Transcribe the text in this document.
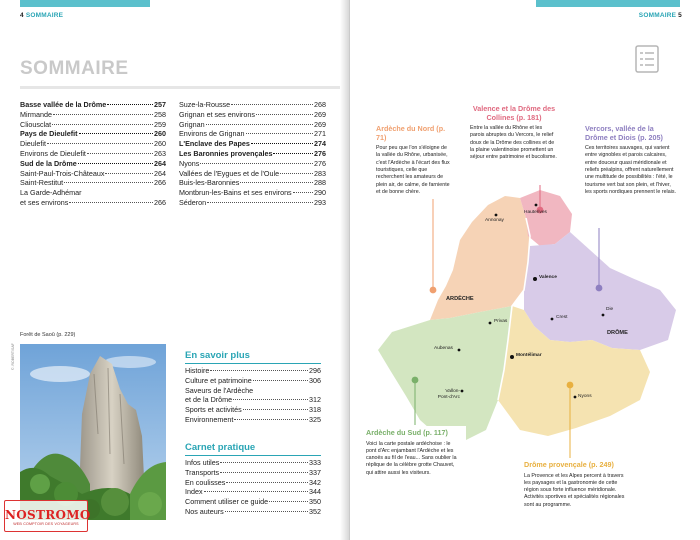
4 SOMMAIRE
SOMMAIRE
Basse vallée de la Drôme	257
Mirmande	258
Cliousclat	259
Pays de Dieulefit	260
Dieulefit	260
Environs de Dieulefit	263
Sud de la Drôme	264
Saint-Paul-Trois-Châteaux	264
Saint-Restitut	266
La Garde-Adhémar
et ses environs	266
Suze-la-Rousse	268
Grignan et ses environs	269
Grignan	269
Environs de Grignan	271
L'Enclave des Papes	274
Les Baronnies provençales	276
Nyons	276
Vallées de l'Eygues et de l'Oule	283
Buis-les-Baronnies	288
Montbrun-les-Bains et ses environs	290
Séderon	293
Forêt de Saoû (p. 229)
©. ROBERT/SAF	En savoir plus
Histoire	296
Culture et patrimoine	306
Saveurs de l'Ardèche
et de la Drôme	312
Sports et activités	318
Environnement	325
Carnet pratique
Infos utiles	333
Transports	337
En coulisses	342
Index	344
Comment utiliser ce guide	350
Nos auteurs	352
NOSTROMO
WEB COMPTOIR DES VOYAGEURS
SOMMAIRE 5
Annonay
Hauterives
Valence
Privas
Crest
Die
Aubenas
Montélimar
Vallon-Pont-d'Arc	Nyons
ARDÈCHE
DRÔME
Ardèche du Nord (p. 71)
Pour peu que l'on s'éloigne de la vallée du Rhône, urbanisée, c'est l'Ardèche à l'écart des flux touristiques, celle que recherchent les amateurs de plein air, de calme, de farniente et de bonne chère.
Valence et la Drôme des Collines (p. 181)
Entre la vallée du Rhône et les parois abruptes du Vercors, le relief doux de la Drôme des collines et de la plaine valentinoise promettent un séjour entre patrimoine et bucolisme.
Vercors, vallée de la Drôme et Diois (p. 205)
Ces territoires sauvages, qui varient entre vignobles et parois calcaires, entre douceur quasi méridionale et reliefs préalpins, offrent naturellement une multitude de possibilités : l'été, le tourisme vert bat son plein, et l'hiver, les sports nordiques prennent le relais.
Ardèche du Sud (p. 117)
Voici la carte postale ardéchoise : le pont d'Arc enjambant l'Ardèche et les canoës au fil de l'eau... Sans oublier la réplique de la célèbre grotte Chauvet, qui attire aussi les visiteurs.
Drôme provençale (p. 249)
La Provence et les Alpes percent à travers les paysages et la gastronomie de cette région sous forte influence méridionale. Activités sportives et spécialités régionales sont au programme.
